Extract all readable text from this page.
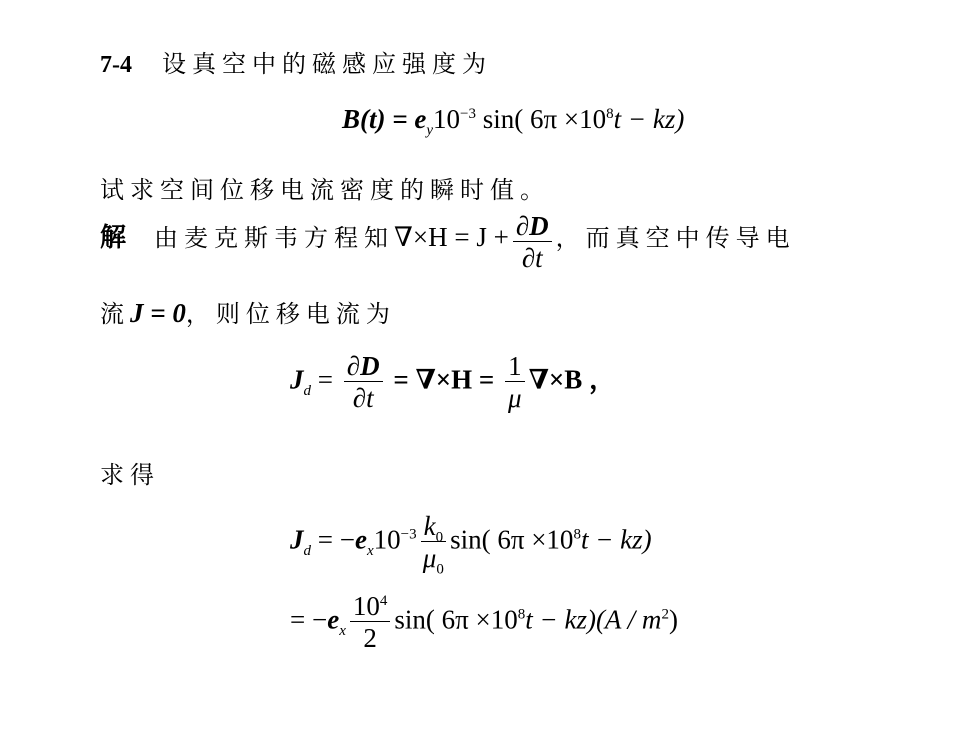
7-4 设真空中的磁感应强度为
$B(t) = e_y10^{-3}$ sin( $6\pi \times 10^8t - kz$)
试求空间位移电流密度的瞬时值。
解 由麦克斯韦方程知$\nabla\times H = J + \frac{\partial D}{\partial t}$ ，而真空中传导电
流J = 0，则位移电流为
$J_d = \frac{\partial D}{\partial t} = \nabla\times H = \frac{1}{\mu} \nabla\times B$ ，
求得
$J_d = -e_x10^{-3} \frac{k_0}{\mu_0} \sin$( $6\pi \times 10^8t - kz$)
= $-e_x \frac{10^4}{2} \sin$( $6\pi \times 10^8t - kz)(A / m^2)$
